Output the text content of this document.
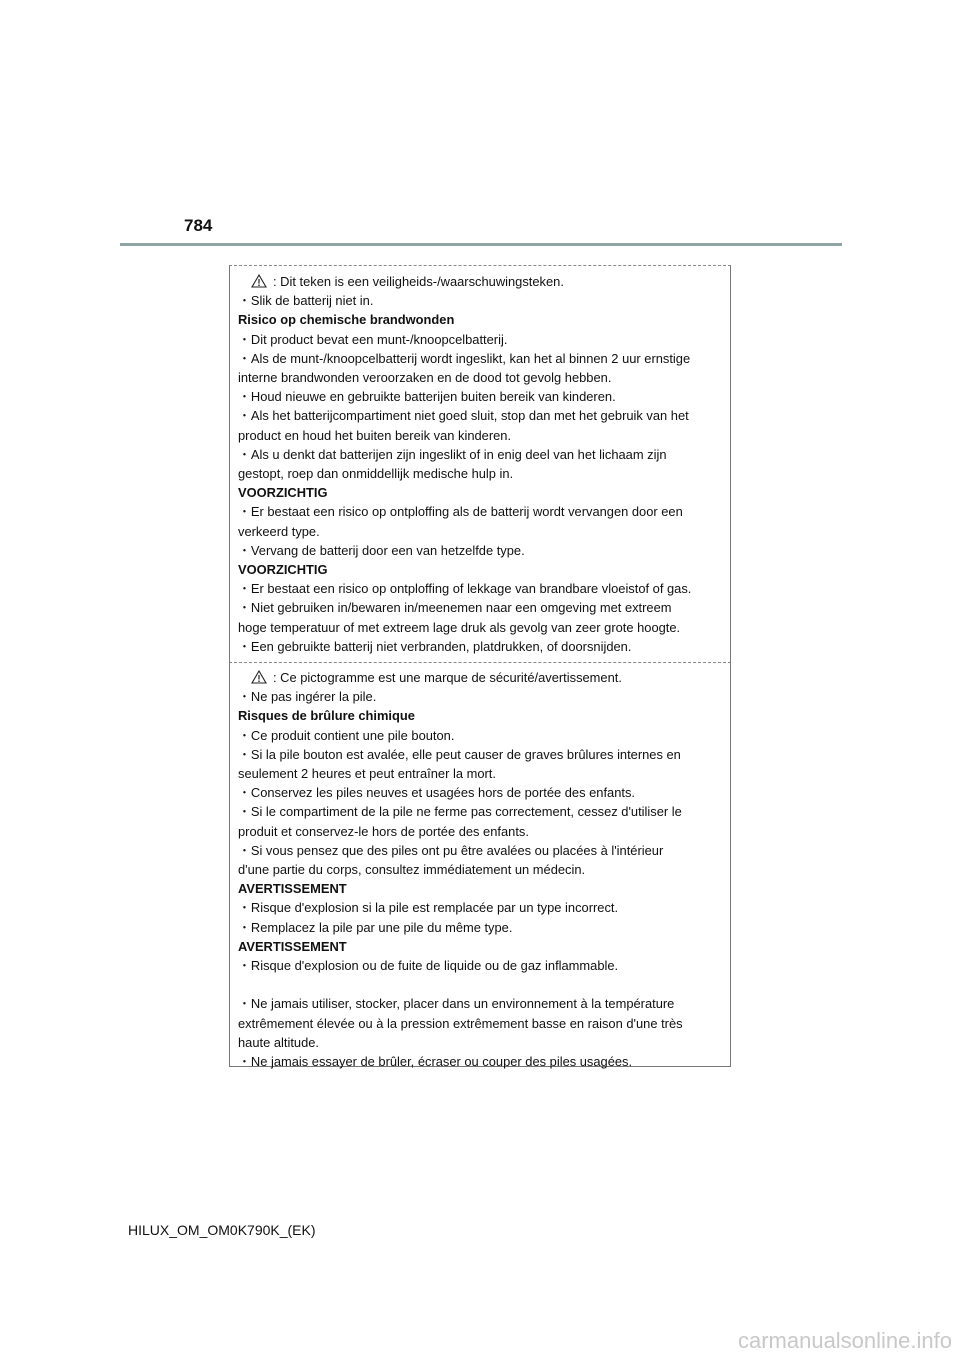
784
: Dit teken is een veiligheids-/waarschuwingsteken.
・Slik de batterij niet in.
Risico op chemische brandwonden
・Dit product bevat een munt-/knoopcelbatterij.
・Als de munt-/knoopcelbatterij wordt ingeslikt, kan het al binnen 2 uur ernstige
interne brandwonden veroorzaken en de dood tot gevolg hebben.
・Houd nieuwe en gebruikte batterijen buiten bereik van kinderen.
・Als het batterijcompartiment niet goed sluit, stop dan met het gebruik van het
product en houd het buiten bereik van kinderen.
・Als u denkt dat batterijen zijn ingeslikt of in enig deel van het lichaam zijn
gestopt, roep dan onmiddellijk medische hulp in.
VOORZICHTIG
・Er bestaat een risico op ontploffing als de batterij wordt vervangen door een
verkeerd type.
・Vervang de batterij door een van hetzelfde type.
VOORZICHTIG
・Er bestaat een risico op ontploffing of lekkage van brandbare vloeistof of gas.
・Niet gebruiken in/bewaren in/meenemen naar een omgeving met extreem
hoge temperatuur of met extreem lage druk als gevolg van zeer grote hoogte.
・Een gebruikte batterij niet verbranden, platdrukken, of doorsnijden.
: Ce pictogramme est une marque de sécurité/avertissement.
・Ne pas ingérer la pile.
Risques de brûlure chimique
・Ce produit contient une pile bouton.
・Si la pile bouton est avalée, elle peut causer de graves brûlures internes en
seulement 2 heures et peut entraîner la mort.
・Conservez les piles neuves et usagées hors de portée des enfants.
・Si le compartiment de la pile ne ferme pas correctement, cessez d'utiliser le
produit et conservez-le hors de portée des enfants.
・Si vous pensez que des piles ont pu être avalées ou placées à l'intérieur
d'une partie du corps, consultez immédiatement un médecin.
AVERTISSEMENT
・Risque d'explosion si la pile est remplacée par un type incorrect.
・Remplacez la pile par une pile du même type.
AVERTISSEMENT
・Risque d'explosion ou de fuite de liquide ou de gaz inflammable.
・Ne jamais utiliser, stocker, placer dans un environnement à la température
extrêmement élevée ou à la pression extrêmement basse en raison d'une très
haute altitude.
・Ne jamais essayer de brûler, écraser ou couper des piles usagées.
HILUX_OM_OM0K790K_(EK)
carmanualsonline.info
